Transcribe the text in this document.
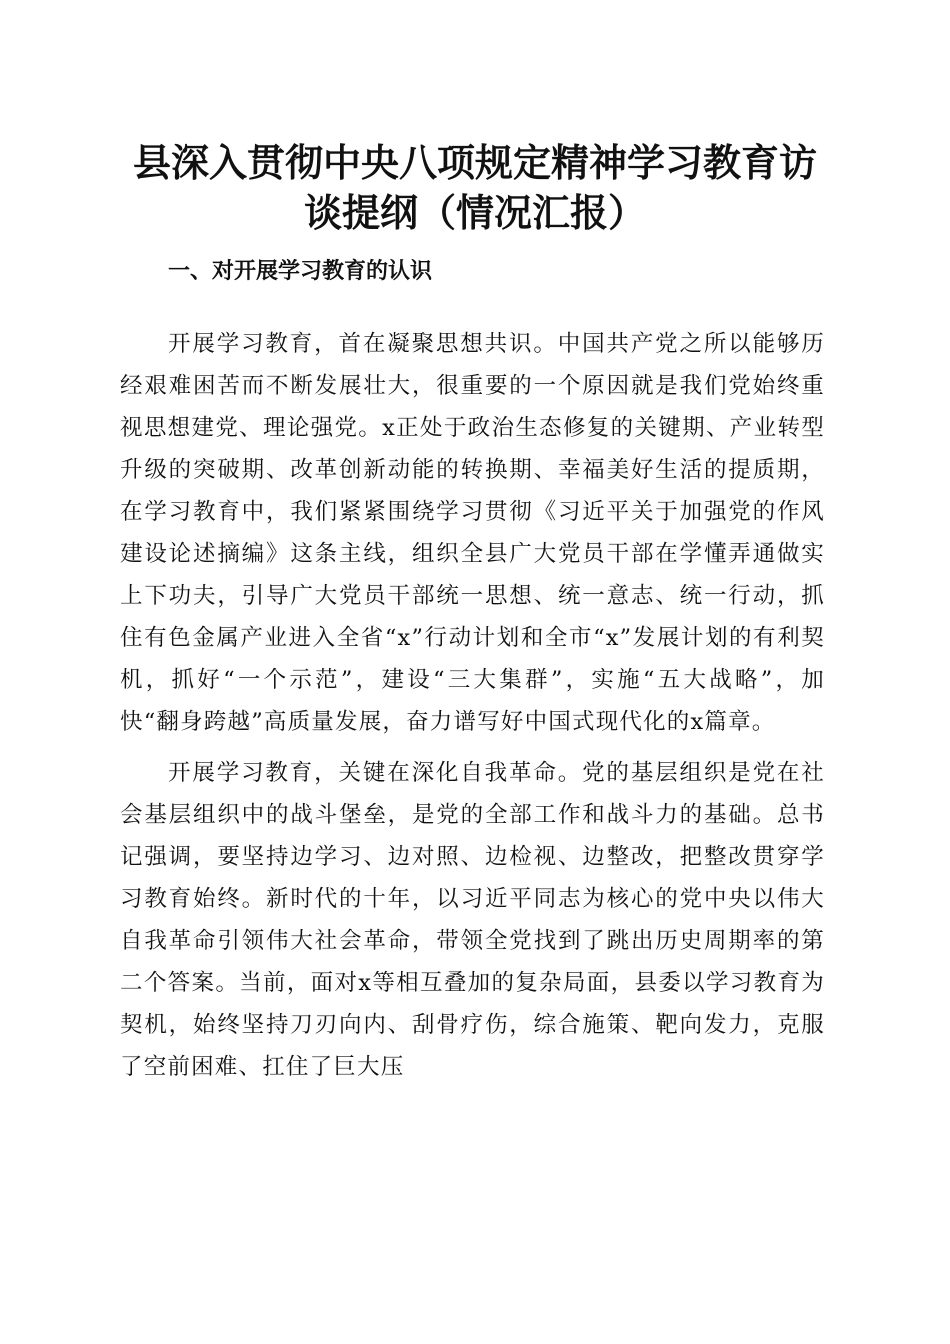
县深入贯彻中央八项规定精神学习教育访谈提纲（情况汇报）
一、对开展学习教育的认识

开展学习教育，首在凝聚思想共识。中国共产党之所以能够历经艰难困苦而不断发展壮大，很重要的一个原因就是我们党始终重视思想建党、理论强党。x正处于政治生态修复的关键期、产业转型升级的突破期、改革创新动能的转换期、幸福美好生活的提质期，在学习教育中，我们紧紧围绕学习贯彻《习近平关于加强党的作风建设论述摘编》这条主线，组织全县广大党员干部在学懂弄通做实上下功夫，引导广大党员干部统一思想、统一意志、统一行动，抓住有色金属产业进入全省“x”行动计划和全市“x”发展计划的有利契机，抓好“一个示范”，建设“三大集群”，实施“五大战略”，加快“翻身跨越”高质量发展，奋力谱写好中国式现代化的x篇章。

开展学习教育，关键在深化自我革命。党的基层组织是党在社会基层组织中的战斗堡垒，是党的全部工作和战斗力的基础。总书记强调，要坚持边学习、边对照、边检视、边整改，把整改贯穿学习教育始终。新时代的十年，以习近平同志为核心的党中央以伟大自我革命引领伟大社会革命，带领全党找到了跳出历史周期率的第二个答案。当前，面对x等相互叠加的复杂局面，县委以学习教育为契机，始终坚持刀刃向内、刮骨疗伤，综合施策、靶向发力，克服了空前困难、扛住了巨大压
